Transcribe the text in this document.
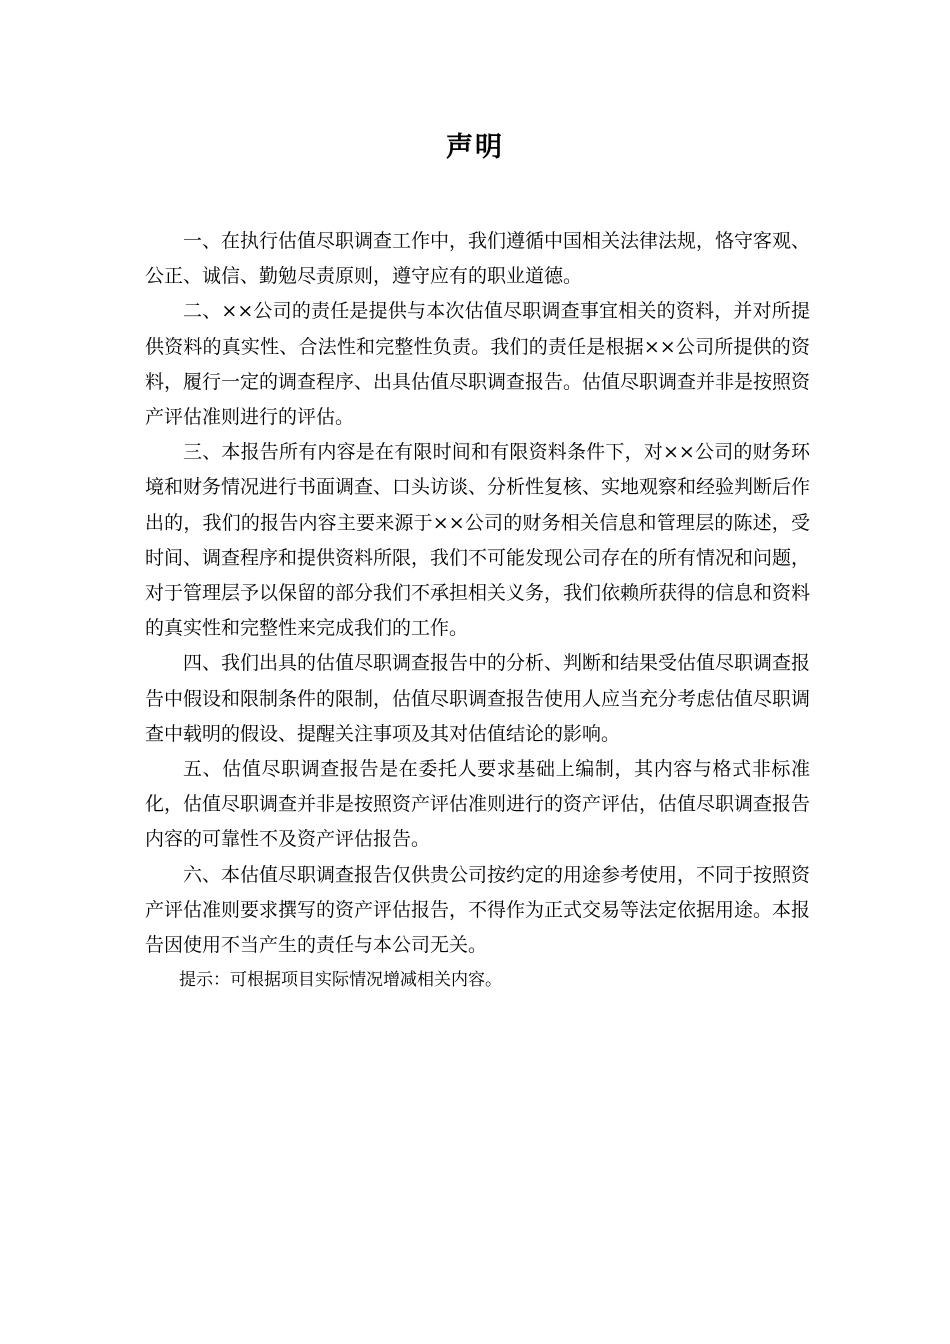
声明

一、在执行估值尽职调查工作中，我们遵循中国相关法律法规，恪守客观、公正、诚信、勤勉尽责原则，遵守应有的职业道德。

二、××公司的责任是提供与本次估值尽职调查事宜相关的资料，并对所提供资料的真实性、合法性和完整性负责。我们的责任是根据××公司所提供的资料，履行一定的调查程序、出具估值尽职调查报告。估值尽职调查并非是按照资产评估准则进行的评估。

三、本报告所有内容是在有限时间和有限资料条件下，对××公司的财务环境和财务情况进行书面调查、口头访谈、分析性复核、实地观察和经验判断后作出的，我们的报告内容主要来源于××公司的财务相关信息和管理层的陈述，受时间、调查程序和提供资料所限，我们不可能发现公司存在的所有情况和问题，对于管理层予以保留的部分我们不承担相关义务，我们依赖所获得的信息和资料的真实性和完整性来完成我们的工作。

四、我们出具的估值尽职调查报告中的分析、判断和结果受估值尽职调查报告中假设和限制条件的限制，估值尽职调查报告使用人应当充分考虑估值尽职调查中载明的假设、提醒关注事项及其对估值结论的影响。

五、估值尽职调查报告是在委托人要求基础上编制，其内容与格式非标准化，估值尽职调查并非是按照资产评估准则进行的资产评估，估值尽职调查报告内容的可靠性不及资产评估报告。

六、本估值尽职调查报告仅供贵公司按约定的用途参考使用，不同于按照资产评估准则要求撰写的资产评估报告，不得作为正式交易等法定依据用途。本报告因使用不当产生的责任与本公司无关。

提示：可根据项目实际情况增减相关内容。
